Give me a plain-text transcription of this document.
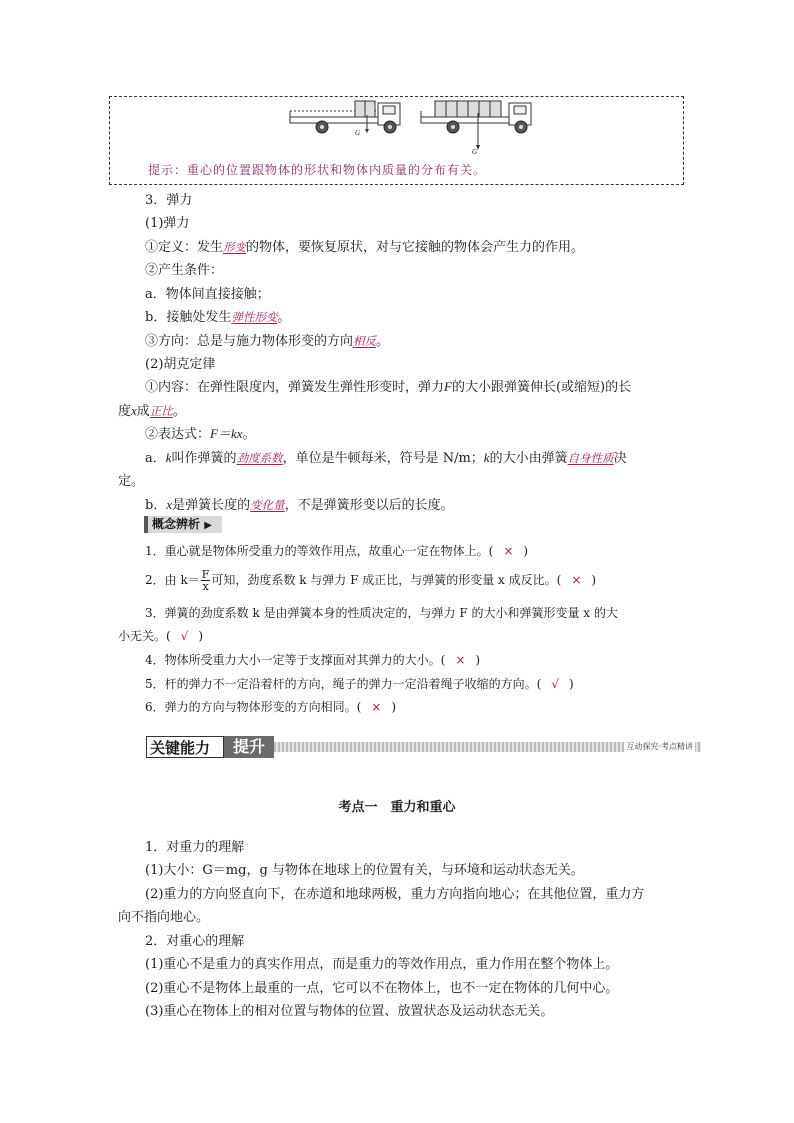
G
G
提示：重心的位置跟物体的形状和物体内质量的分布有关。
3．弹力
(1)弹力
①定义：发生形变的物体，要恢复原状，对与它接触的物体会产生力的作用。
②产生条件：
a．物体间直接接触；
b．接触处发生弹性形变。
③方向：总是与施力物体形变的方向相反。
(2)胡克定律
①内容：在弹性限度内，弹簧发生弹性形变时，弹力F的大小跟弹簧伸长(或缩短)的长
度x成正比。
②表达式：F＝kx。
a．k叫作弹簧的劲度系数，单位是牛顿每米，符号是 N/m；k的大小由弹簧自身性质决
定。
b．x是弹簧长度的变化量，不是弹簧形变以后的长度。
概念辨析 ▶
1．重心就是物体所受重力的等效作用点，故重心一定在物体上。( × )
2．由 $k= \frac{F}{x}$ 可知，劲度系数 k 与弹力 F 成正比，与弹簧的形变量 x 成反比。( × )
3．弹簧的劲度系数 k 是由弹簧本身的性质决定的，与弹力 F 的大小和弹簧形变量 x 的大
小无关。( √ )
4．物体所受重力大小一定等于支撑面对其弹力的大小。( × )
5．杆的弹力不一定沿着杆的方向，绳子的弹力一定沿着绳子收缩的方向。( √ )
6．弹力的方向与物体形变的方向相同。( × )
关键能力	提升	互动探究·考点精讲
考点一　重力和重心
1．对重力的理解
(1)大小：G＝mg，g 与物体在地球上的位置有关，与环境和运动状态无关。
(2)重力的方向竖直向下，在赤道和地球两极，重力方向指向地心；在其他位置，重力方
向不指向地心。
2．对重心的理解
(1)重心不是重力的真实作用点，而是重力的等效作用点，重力作用在整个物体上。
(2)重心不是物体上最重的一点，它可以不在物体上，也不一定在物体的几何中心。
(3)重心在物体上的相对位置与物体的位置、放置状态及运动状态无关。
